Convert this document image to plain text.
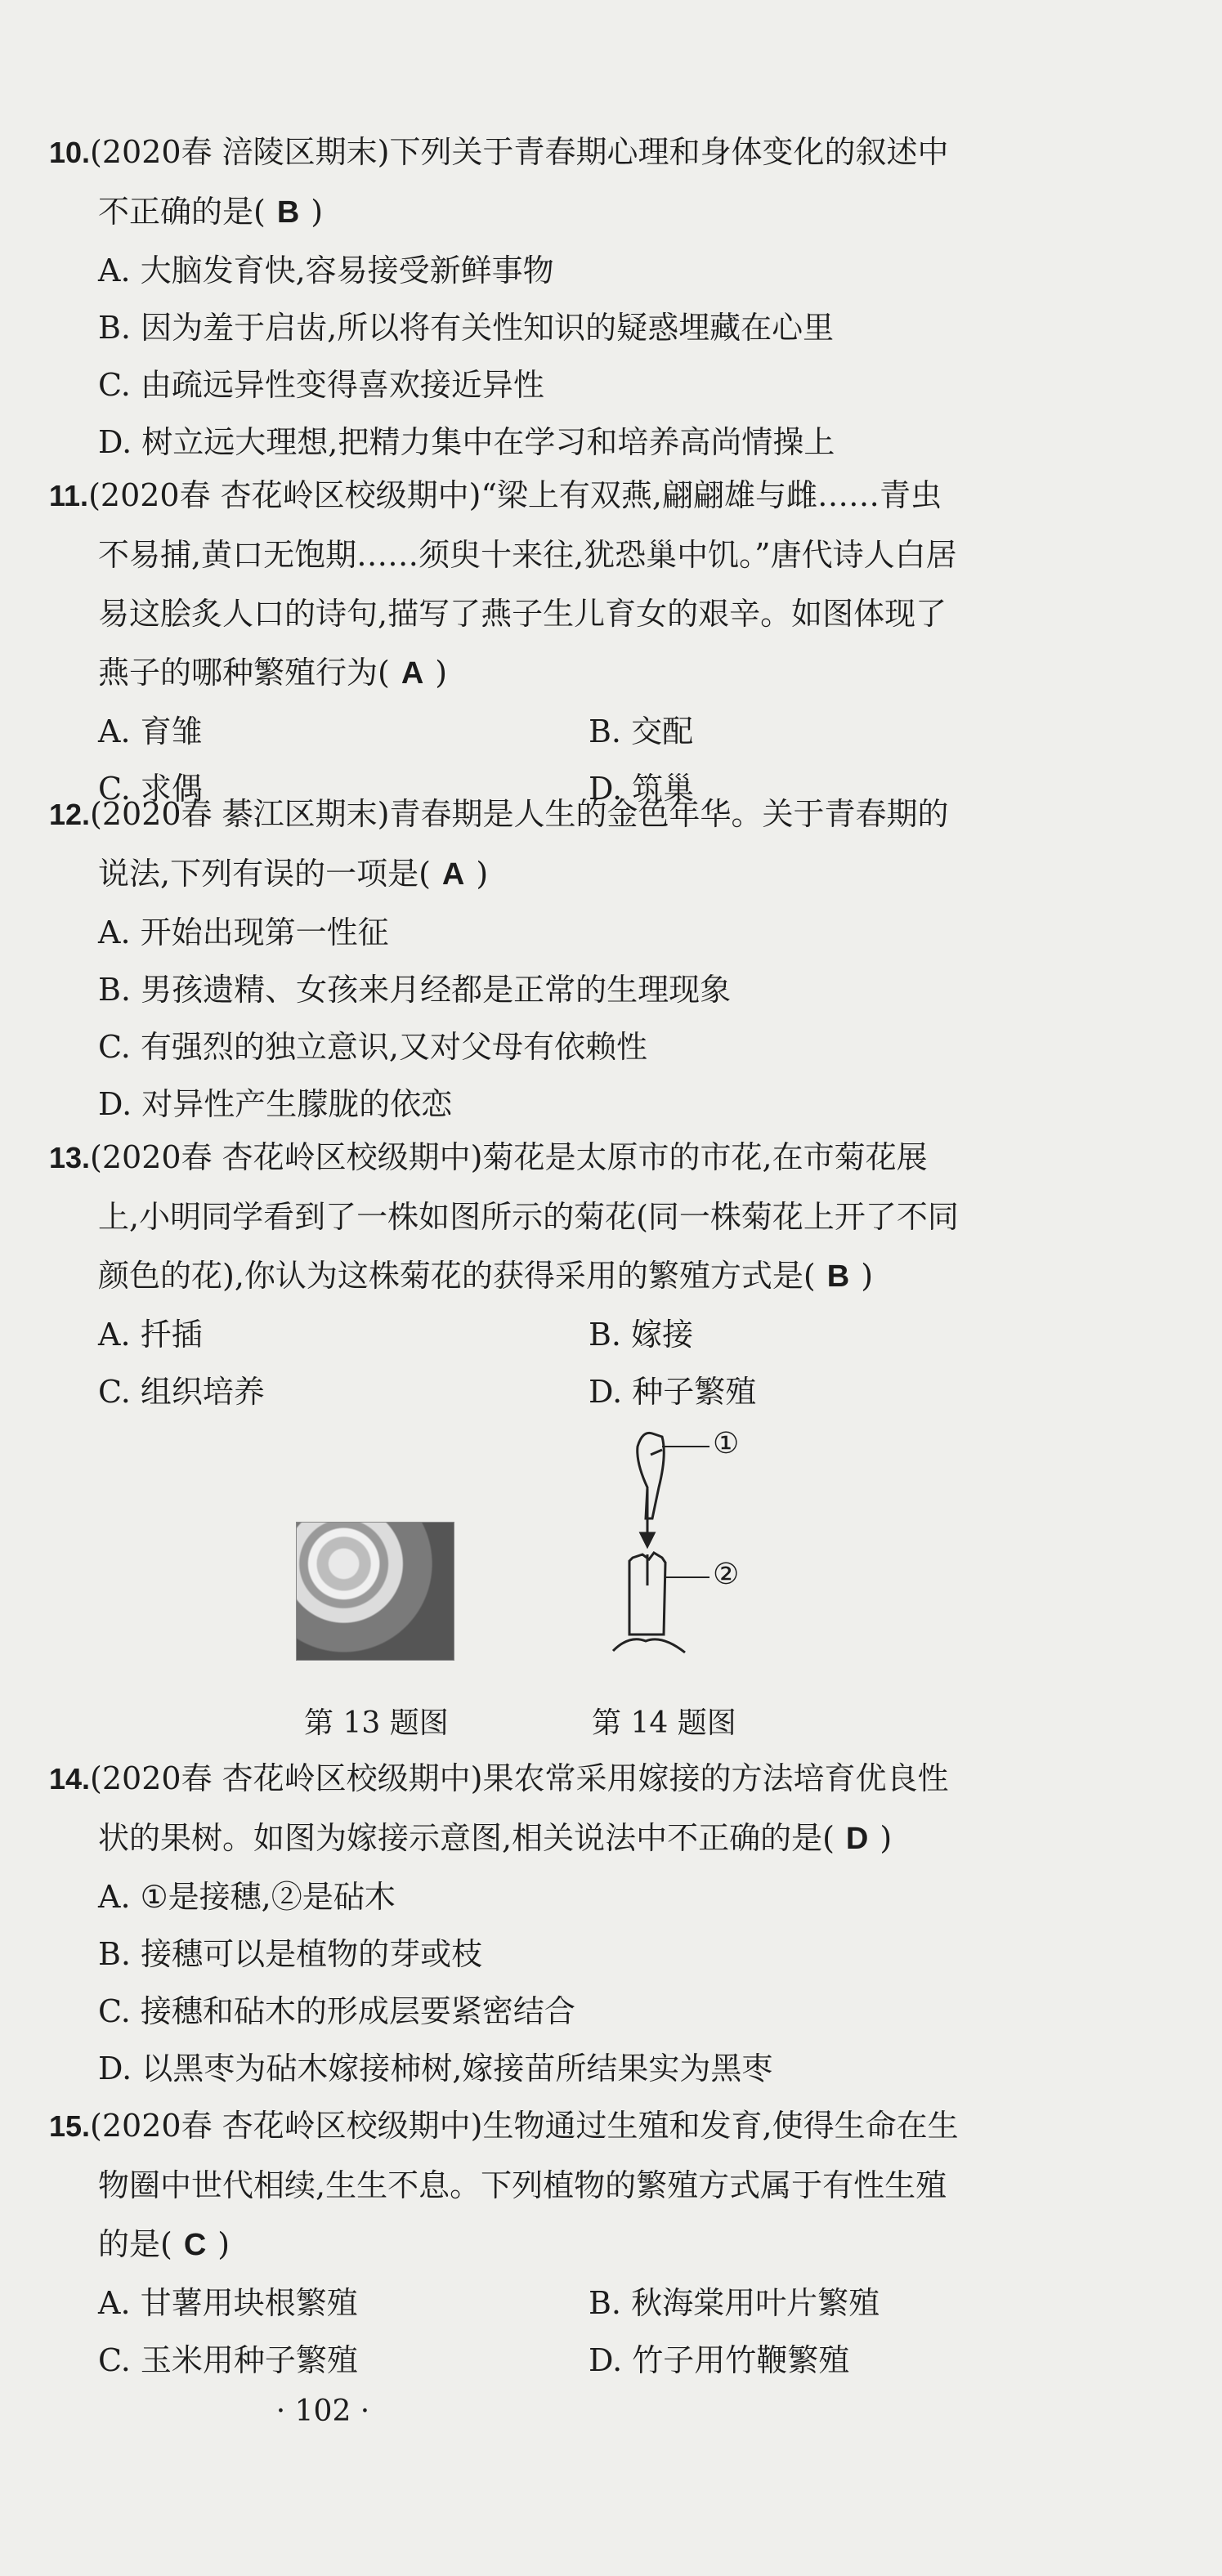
10.(2020春 涪陵区期末)下列关于青春期心理和身体变化的叙述中
不正确的是( B )
A. 大脑发育快,容易接受新鲜事物
B. 因为羞于启齿,所以将有关性知识的疑惑埋藏在心里
C. 由疏远异性变得喜欢接近异性
D. 树立远大理想,把精力集中在学习和培养高尚情操上
11.(2020春 杏花岭区校级期中)“梁上有双燕,翩翩雄与雌……青虫
不易捕,黄口无饱期……须臾十来往,犹恐巢中饥。”唐代诗人白居
易这脍炙人口的诗句,描写了燕子生儿育女的艰辛。如图体现了
燕子的哪种繁殖行为( A )
A. 育雏	B. 交配
C. 求偶	D. 筑巢
12.(2020春 綦江区期末)青春期是人生的金色年华。关于青春期的
说法,下列有误的一项是( A )
A. 开始出现第一性征
B. 男孩遗精、女孩来月经都是正常的生理现象
C. 有强烈的独立意识,又对父母有依赖性
D. 对异性产生朦胧的依恋
13.(2020春 杏花岭区校级期中)菊花是太原市的市花,在市菊花展
上,小明同学看到了一株如图所示的菊花(同一株菊花上开了不同
颜色的花),你认为这株菊花的获得采用的繁殖方式是( B )
A. 扦插	B. 嫁接
C. 组织培养	D. 种子繁殖
第 13 题图
①
②
第 14 题图
14.(2020春 杏花岭区校级期中)果农常采用嫁接的方法培育优良性
状的果树。如图为嫁接示意图,相关说法中不正确的是( D )
A. ①是接穗,②是砧木
B. 接穗可以是植物的芽或枝
C. 接穗和砧木的形成层要紧密结合
D. 以黑枣为砧木嫁接柿树,嫁接苗所结果实为黑枣
15.(2020春 杏花岭区校级期中)生物通过生殖和发育,使得生命在生
物圈中世代相续,生生不息。下列植物的繁殖方式属于有性生殖
的是( C )
A. 甘薯用块根繁殖	B. 秋海棠用叶片繁殖
C. 玉米用种子繁殖	D. 竹子用竹鞭繁殖
· 102 ·
